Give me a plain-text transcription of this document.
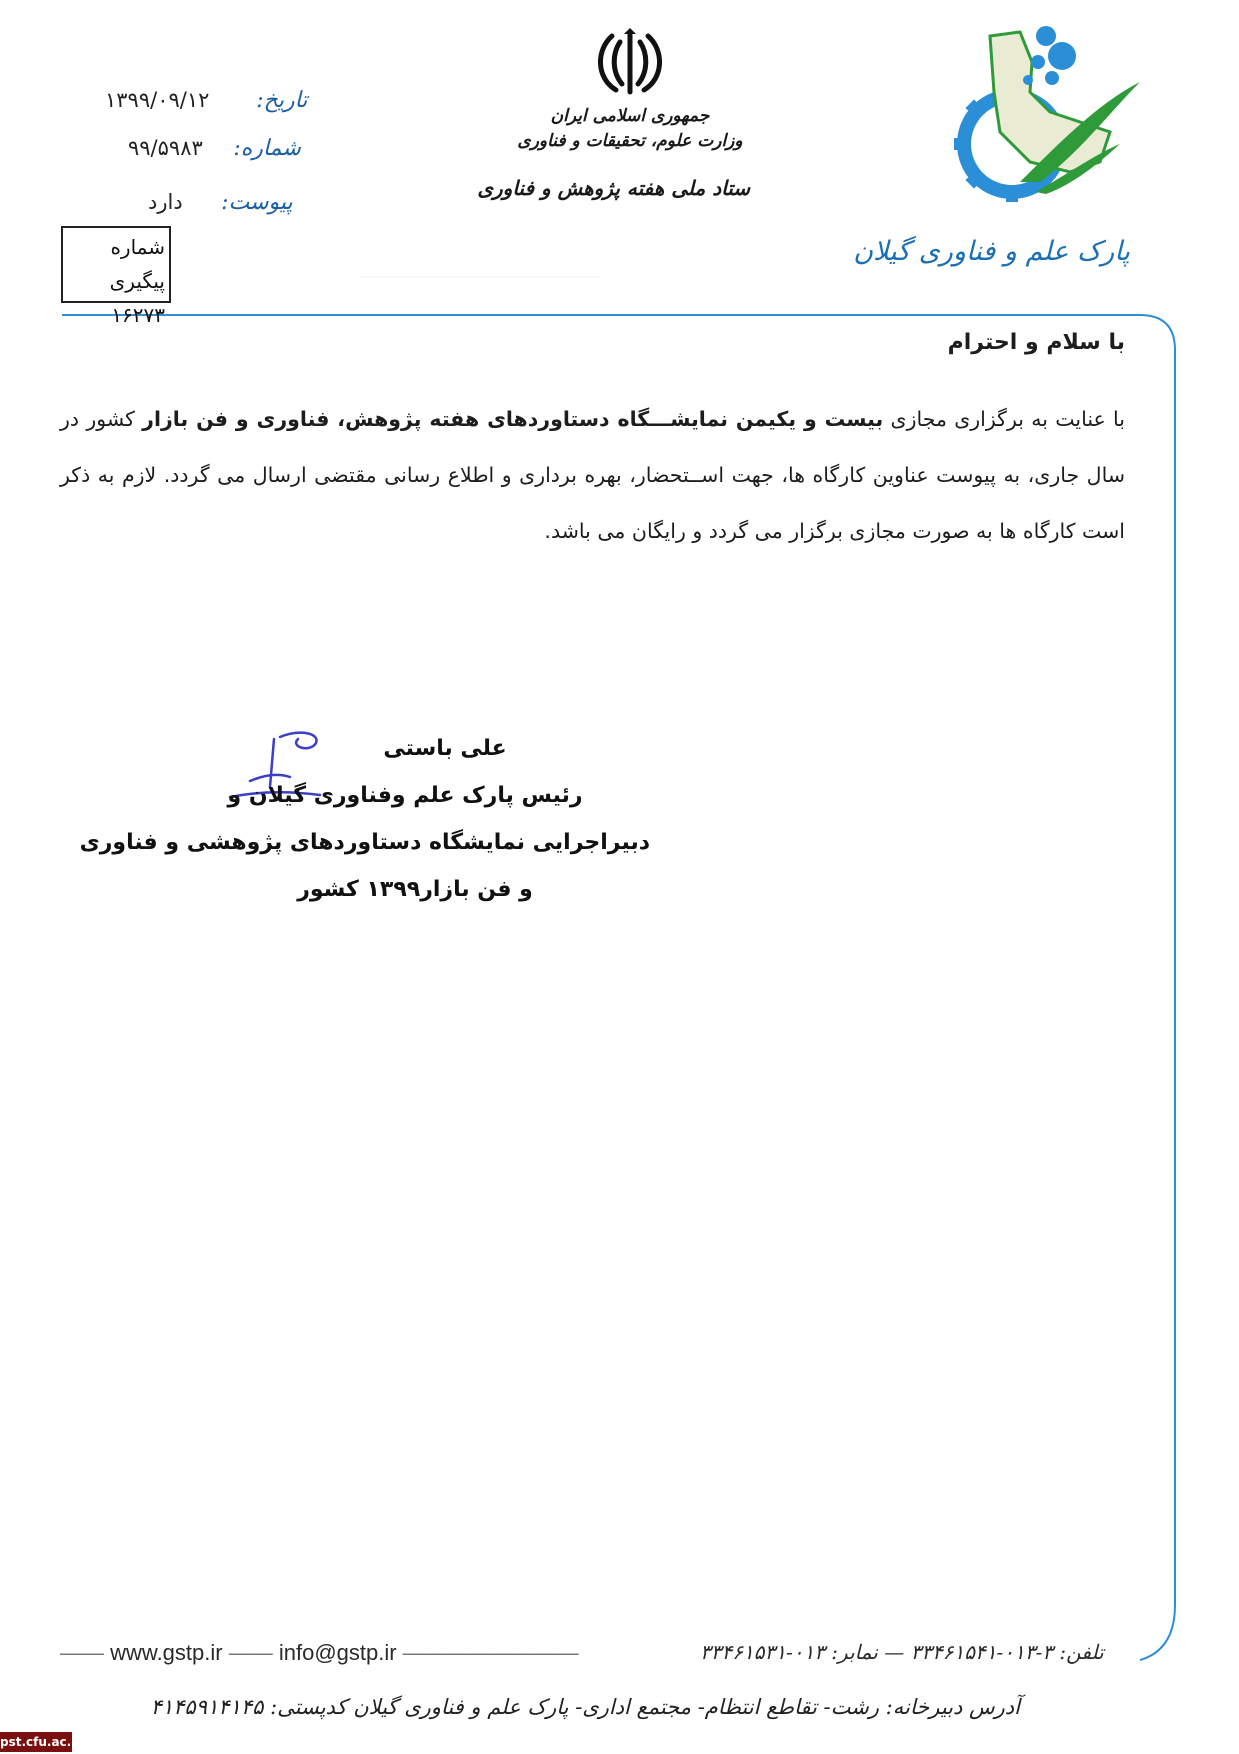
تاریخ:
۱۳۹۹/۰۹/۱۲
شماره:
۹۹/۵۹۸۳
پیوست:
دارد
شماره پیگیری
۱۶۲۷۳
جمهوری اسلامی ایران
وزارت علوم، تحقیقات و فناوری
ستاد ملی هفته پژوهش و فناوری
پارک علم و فناوری گیلان

با سلام و احترام

با عنایت به برگزاری مجازی بیست و یکیمن نمایشـــگاه دستاوردهای هفته پژوهش، فناوری و فن بازار کشور در سال جاری، به پیوست عناوین کارگاه ها، جهت اســتحضار، بهره برداری و اطلاع رسانی مقتضی ارسال می گردد. لازم به ذکر است کارگاه ها به صورت مجازی برگزار می گردد و رایگان می باشد.

علی باستی
رئیس پارک علم وفناوری گیلان و
دبیراجرایی نمایشگاه دستاوردهای پژوهشی و فناوری
و فن بازار۱۳۹۹ کشور
—— www.gstp.ir —— info@gstp.ir ————————	تلفن: ۳-۰۱۳-۳۳۴۶۱۵۴۱ — نمابر: ۰۱۳-۳۳۴۶۱۵۳۱
آدرس دبیرخانه: رشت- تقاطع انتظام- مجتمع اداری- پارک علم و فناوری گیلان کدپستی: ۴۱۴۵۹۱۴۱۴۵
pst.cfu.ac.ir
